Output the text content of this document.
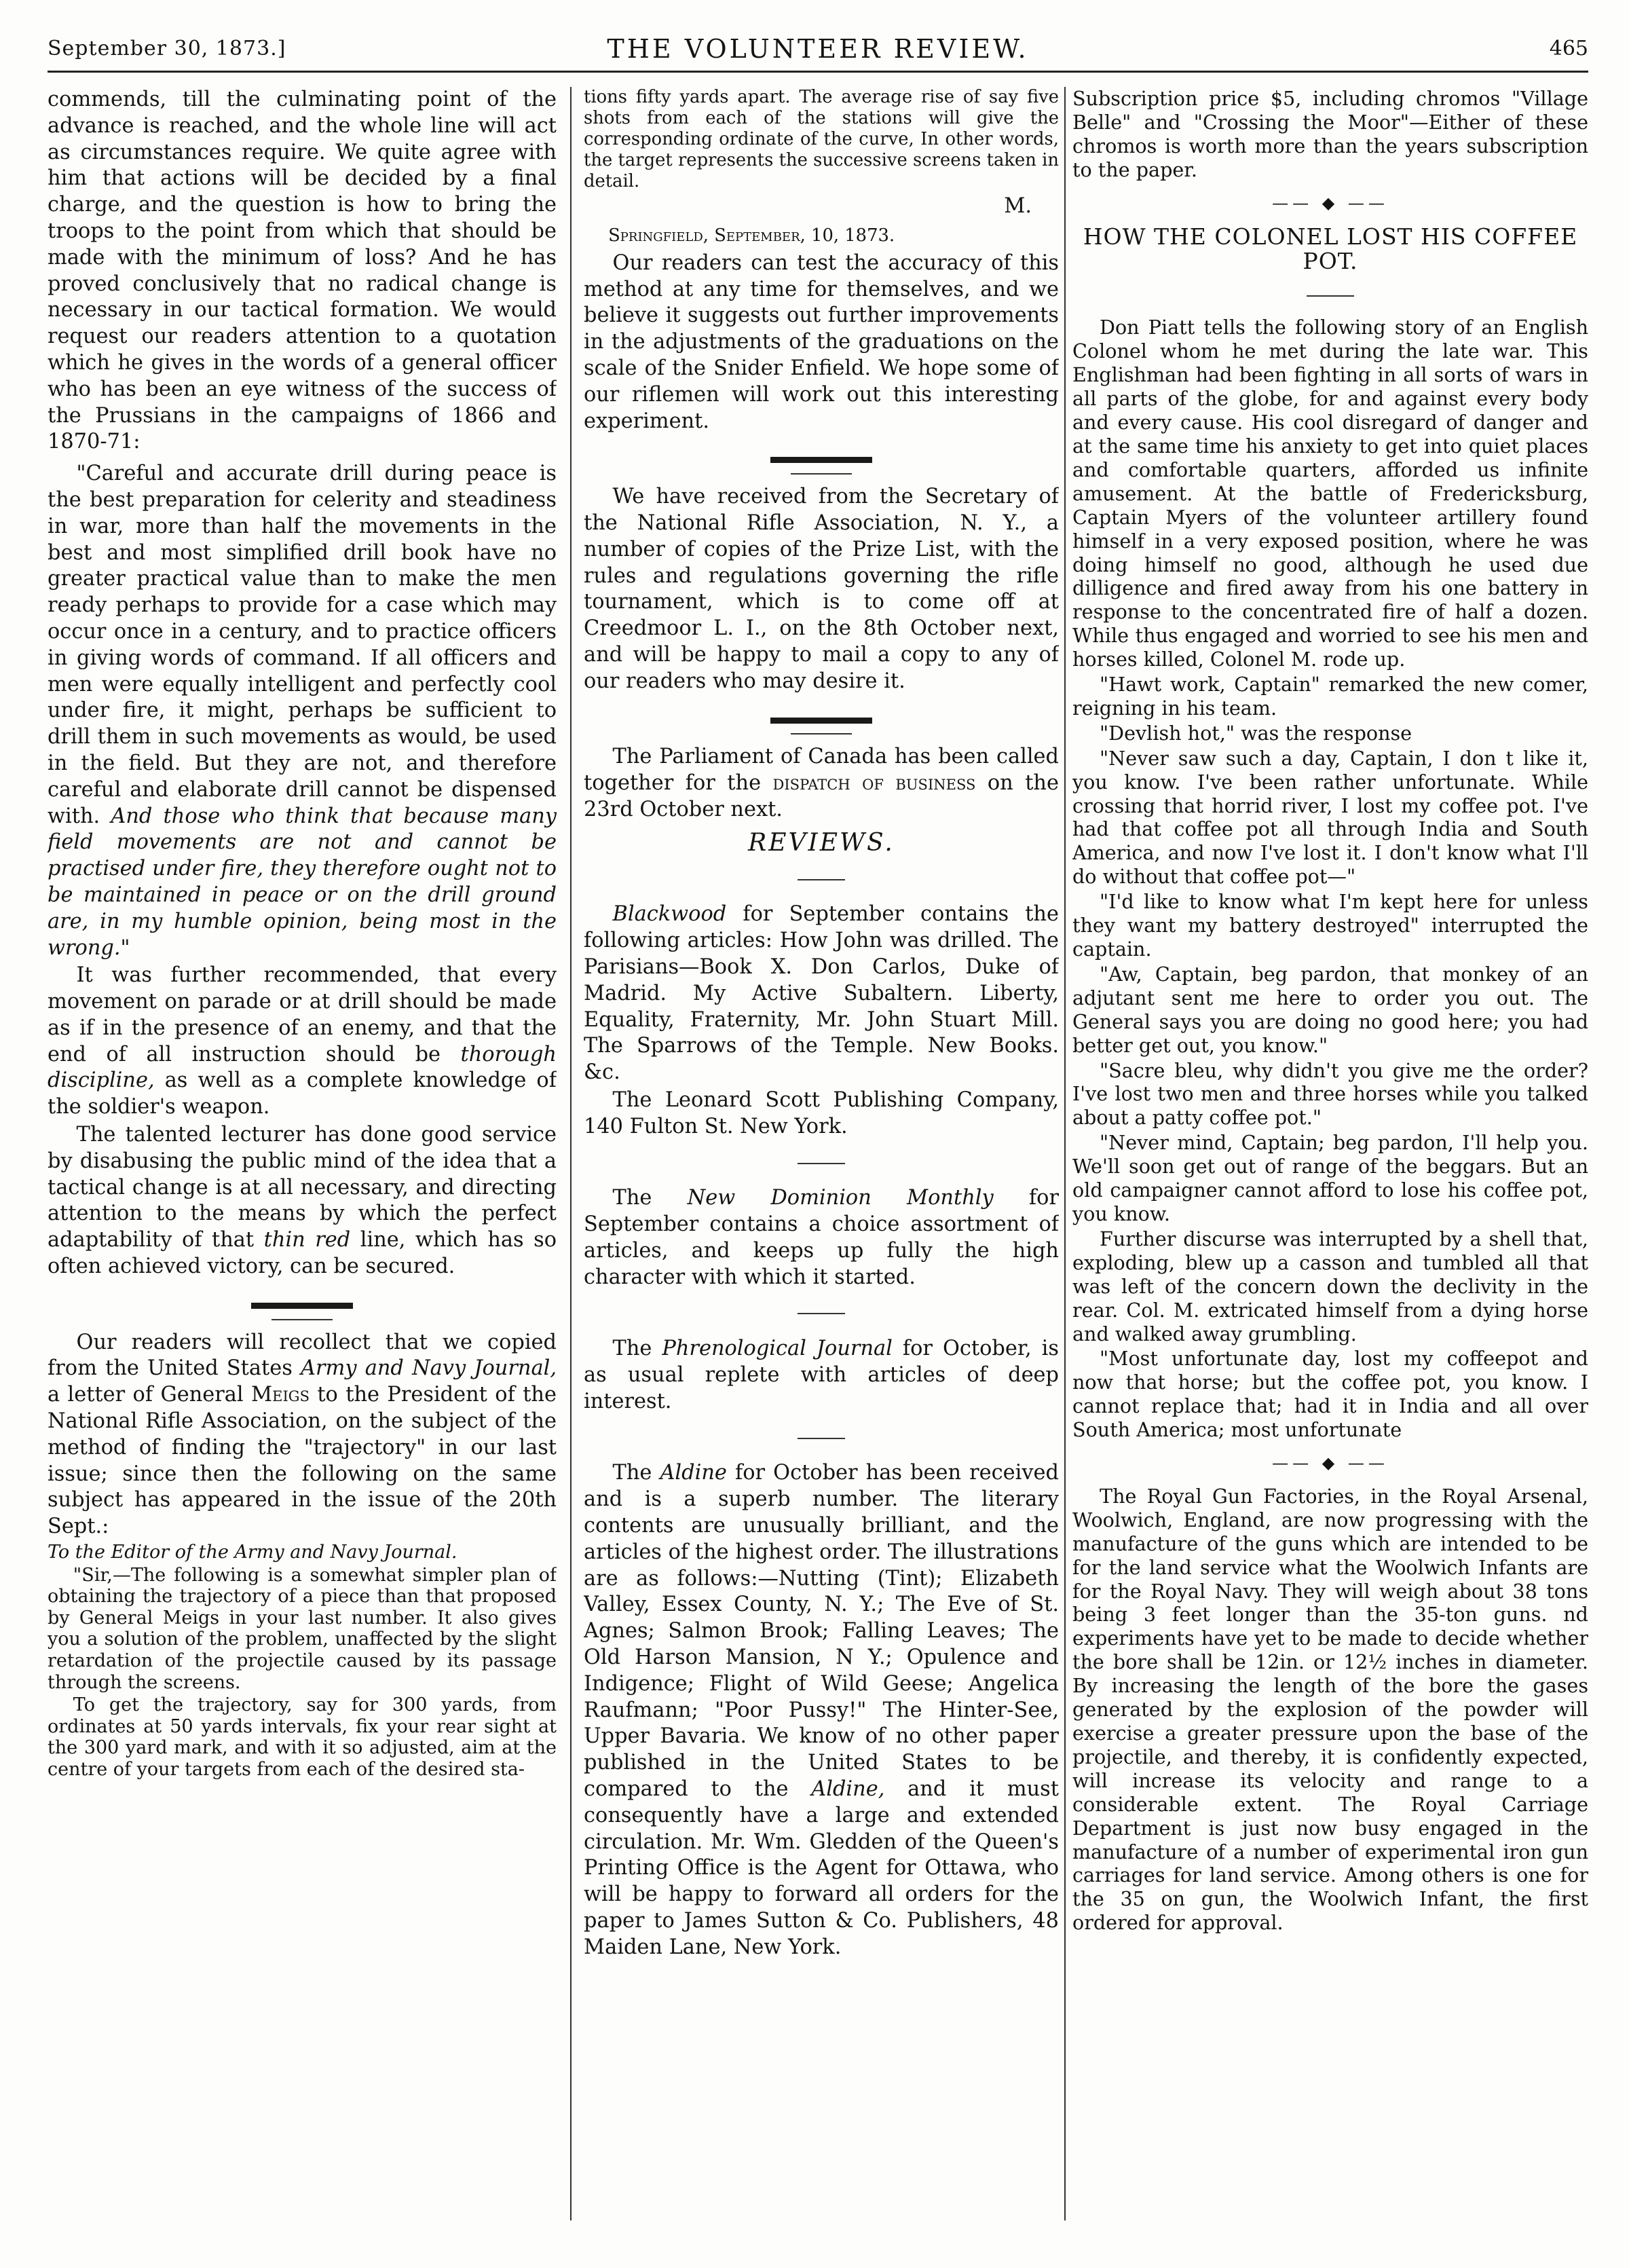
September 30, 1873.]	THE VOLUNTEER REVIEW.	465

commends, till the culminating point of the advance is reached, and the whole line will act as circumstances require. We quite agree with him that actions will be decided by a final charge, and the question is how to bring the troops to the point from which that should be made with the minimum of loss? And he has proved conclusively that no radical change is necessary in our tactical formation. We would request our readers attention to a quotation which he gives in the words of a general officer who has been an eye witness of the success of the Prussians in the campaigns of 1866 and 1870-71:

"Careful and accurate drill during peace is the best preparation for celerity and steadiness in war, more than half the movements in the best and most simplified drill book have no greater practical value than to make the men ready perhaps to provide for a case which may occur once in a century, and to practice officers in giving words of command. If all officers and men were equally intelligent and perfectly cool under fire, it might, perhaps be sufficient to drill them in such movements as would, be used in the field. But they are not, and therefore careful and elaborate drill cannot be dispensed with. And those who think that because many field movements are not and cannot be practised under fire, they therefore ought not to be maintained in peace or on the drill ground are, in my humble opinion, being most in the wrong."

It was further recommended, that every movement on parade or at drill should be made as if in the presence of an enemy, and that the end of all instruction should be thorough discipline, as well as a complete knowledge of the soldier's weapon.

The talented lecturer has done good service by disabusing the public mind of the idea that a tactical change is at all necessary, and directing attention to the means by which the perfect adaptability of that thin red line, which has so often achieved victory, can be secured.

Our readers will recollect that we copied from the United States Army and Navy Journal, a letter of General Meigs to the President of the National Rifle Association, on the subject of the method of finding the "trajectory" in our last issue; since then the following on the same subject has appeared in the issue of the 20th Sept.:

To the Editor of the Army and Navy Journal.

"Sir,—The following is a somewhat simpler plan of obtaining the trajectory of a piece than that proposed by General Meigs in your last number. It also gives you a solution of the problem, unaffected by the slight retardation of the projectile caused by its passage through the screens.

To get the trajectory, say for 300 yards, from ordinates at 50 yards intervals, fix your rear sight at the 300 yard mark, and with it so adjusted, aim at the centre of your targets from each of the desired sta-

tions fifty yards apart. The average rise of say five shots from each of the stations will give the corresponding ordinate of the curve, In other words, the target represents the successive screens taken in detail.

M.
Springfield, September, 10, 1873.

Our readers can test the accuracy of this method at any time for themselves, and we believe it suggests out further improvements in the adjustments of the graduations on the scale of the Snider Enfield. We hope some of our riflemen will work out this interesting experiment.

We have received from the Secretary of the National Rifle Association, N. Y., a number of copies of the Prize List, with the rules and regulations governing the rifle tournament, which is to come off at Creedmoor L. I., on the 8th October next, and will be happy to mail a copy to any of our readers who may desire it.

The Parliament of Canada has been called together for the dispatch of business on the 23rd October next.

REVIEWS.

Blackwood for September contains the following articles: How John was drilled. The Parisians—Book X. Don Carlos, Duke of Madrid. My Active Subaltern. Liberty, Equality, Fraternity, Mr. John Stuart Mill. The Sparrows of the Temple. New Books. &c.

The Leonard Scott Publishing Company, 140 Fulton St. New York.

The New Dominion Monthly for September contains a choice assortment of articles, and keeps up fully the high character with which it started.

The Phrenological Journal for October, is as usual replete with articles of deep interest.

The Aldine for October has been received and is a superb number. The literary contents are unusually brilliant, and the articles of the highest order. The illustrations are as follows:—Nutting (Tint); Elizabeth Valley, Essex County, N. Y.; The Eve of St. Agnes; Salmon Brook; Falling Leaves; The Old Harson Mansion, N Y.; Opulence and Indigence; Flight of Wild Geese; Angelica Raufmann; "Poor Pussy!" The Hinter-See, Upper Bavaria. We know of no other paper published in the United States to be compared to the Aldine, and it must consequently have a large and extended circulation. Mr. Wm. Gledden of the Queen's Printing Office is the Agent for Ottawa, who will be happy to forward all orders for the paper to James Sutton & Co. Publishers, 48 Maiden Lane, New York.

Subscription price $5, including chromos "Village Belle" and "Crossing the Moor"—Either of these chromos is worth more than the years subscription to the paper.

—— ◆ ——
HOW THE COLONEL LOST HIS COFFEE POT.

Don Piatt tells the following story of an English Colonel whom he met during the late war. This Englishman had been fighting in all sorts of wars in all parts of the globe, for and against every body and every cause. His cool disregard of danger and at the same time his anxiety to get into quiet places and comfortable quarters, afforded us infinite amusement. At the battle of Fredericksburg, Captain Myers of the volunteer artillery found himself in a very exposed position, where he was doing himself no good, although he used due dilligence and fired away from his one battery in response to the concentrated fire of half a dozen. While thus engaged and worried to see his men and horses killed, Colonel M. rode up.

"Hawt work, Captain" remarked the new comer, reigning in his team.

"Devlish hot," was the response

"Never saw such a day, Captain, I don t like it, you know. I've been rather unfortunate. While crossing that horrid river, I lost my coffee pot. I've had that coffee pot all through India and South America, and now I've lost it. I don't know what I'll do without that coffee pot—"

"I'd like to know what I'm kept here for unless they want my battery destroyed" interrupted the captain.

"Aw, Captain, beg pardon, that monkey of an adjutant sent me here to order you out. The General says you are doing no good here; you had better get out, you know."

"Sacre bleu, why didn't you give me the order? I've lost two men and three horses while you talked about a patty coffee pot."

"Never mind, Captain; beg pardon, I'll help you. We'll soon get out of range of the beggars. But an old campaigner cannot afford to lose his coffee pot, you know.

Further discurse was interrupted by a shell that, exploding, blew up a casson and tumbled all that was left of the concern down the declivity in the rear. Col. M. extricated himself from a dying horse and walked away grumbling.

"Most unfortunate day, lost my coffeepot and now that horse; but the coffee pot, you know. I cannot replace that; had it in India and all over South America; most unfortunate

—— ◆ ——

The Royal Gun Factories, in the Royal Arsenal, Woolwich, England, are now progressing with the manufacture of the guns which are intended to be for the land service what the Woolwich Infants are for the Royal Navy. They will weigh about 38 tons being 3 feet longer than the 35-ton guns. nd experiments have yet to be made to decide whether the bore shall be 12in. or 12½ inches in diameter. By increasing the length of the bore the gases generated by the explosion of the powder will exercise a greater pressure upon the base of the projectile, and thereby, it is confidently expected, will increase its velocity and range to a considerable extent. The Royal Carriage Department is just now busy engaged in the manufacture of a number of experimental iron gun carriages for land service. Among others is one for the 35 on gun, the Woolwich Infant, the first ordered for approval.
